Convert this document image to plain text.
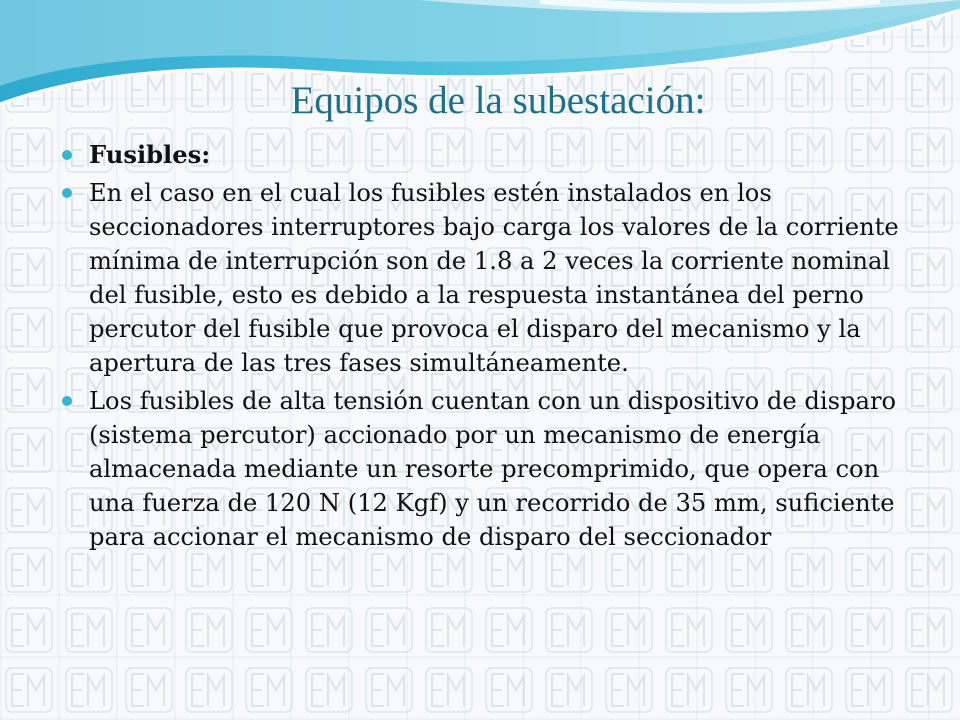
Equipos de la subestación:
Fusibles:
En el caso en el cual los fusibles estén instalados en los seccionadores interruptores bajo carga los valores de la corriente mínima de interrupción son de 1.8 a 2 veces la corriente nominal del fusible, esto es debido a la respuesta instantánea del perno percutor del fusible que provoca el disparo del mecanismo y la apertura de las tres fases simultáneamente.
Los fusibles de alta tensión cuentan con un dispositivo de disparo (sistema percutor) accionado por un mecanismo de energía almacenada mediante un resorte precomprimido, que opera con una fuerza de 120 N (12 Kgf) y un recorrido de 35 mm, suficiente para accionar el mecanismo de disparo del seccionador
